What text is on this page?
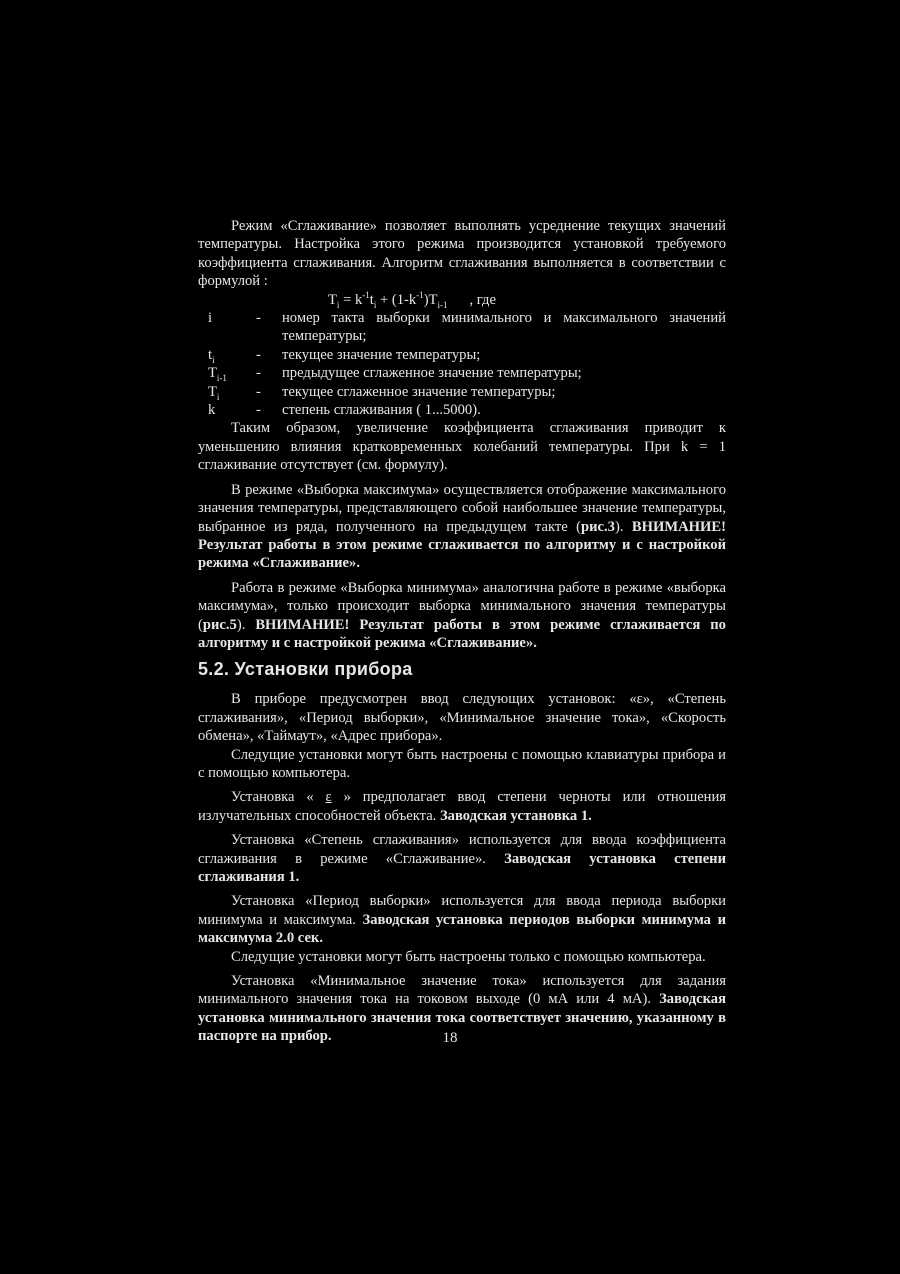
Режим «Сглаживание» позволяет выполнять усреднение текущих значений температуры. Настройка этого режима производится установкой требуемого коэффициента сглаживания. Алгоритм сглаживания выполняется в соответствии с формулой :

$T_i = k^{-1}t_i + (1-k^{-1})T_{i-1}$ , где

i	-	номер такта выборки минимального и максимального значений температуры;
$t_i$	-	текущее значение температуры;
$T_{i-1}$	-	предыдущее сглаженное значение температуры;
$T_i$	-	текущее сглаженное значение температуры;
k	-	степень сглаживания ( 1...5000).

Таким образом, увеличение коэффициента сглаживания приводит к уменьшению влияния кратковременных колебаний температуры. При k = 1 сглаживание отсутствует (см. формулу).

В режиме «Выборка максимума» осуществляется отображение максимального значения температуры, представляющего собой наибольшее значение температуры, выбранное из ряда, полученного на предыдущем такте (рис.3). ВНИМАНИЕ! Результат работы в этом режиме сглаживается по алгоритму и с настройкой режима «Сглаживание».

Работа в режиме «Выборка минимума» аналогична работе в режиме «выборка максимума», только происходит выборка минимального значения температуры (рис.5). ВНИМАНИЕ! Результат работы в этом режиме сглаживается по алгоритму и с настройкой режима «Сглаживание».

5.2. Установки прибора

В приборе предусмотрен ввод следующих установок: «ε», «Степень сглаживания», «Период выборки», «Минимальное значение тока», «Скорость обмена», «Таймаут», «Адрес прибора».

Следущие установки могут быть настроены с помощью клавиатуры прибора и с помощью компьютера.

Установка « ε » предполагает ввод степени черноты или отношения излучательных способностей объекта. Заводская установка 1.

Установка «Степень сглаживания» используется для ввода коэффициента сглаживания в режиме «Сглаживание». Заводская установка степени сглаживания 1.

Установка «Период выборки» используется для ввода периода выборки минимума и максимума. Заводская установка периодов выборки минимума и максимума 2.0 сек.

Следущие установки могут быть настроены только с помощью компьютера.

Установка «Минимальное значение тока» используется для задания минимального значения тока на токовом выходе (0 мА или 4 мА). Заводская установка минимального значения тока соответствует значению, указанному в паспорте на прибор.	18
